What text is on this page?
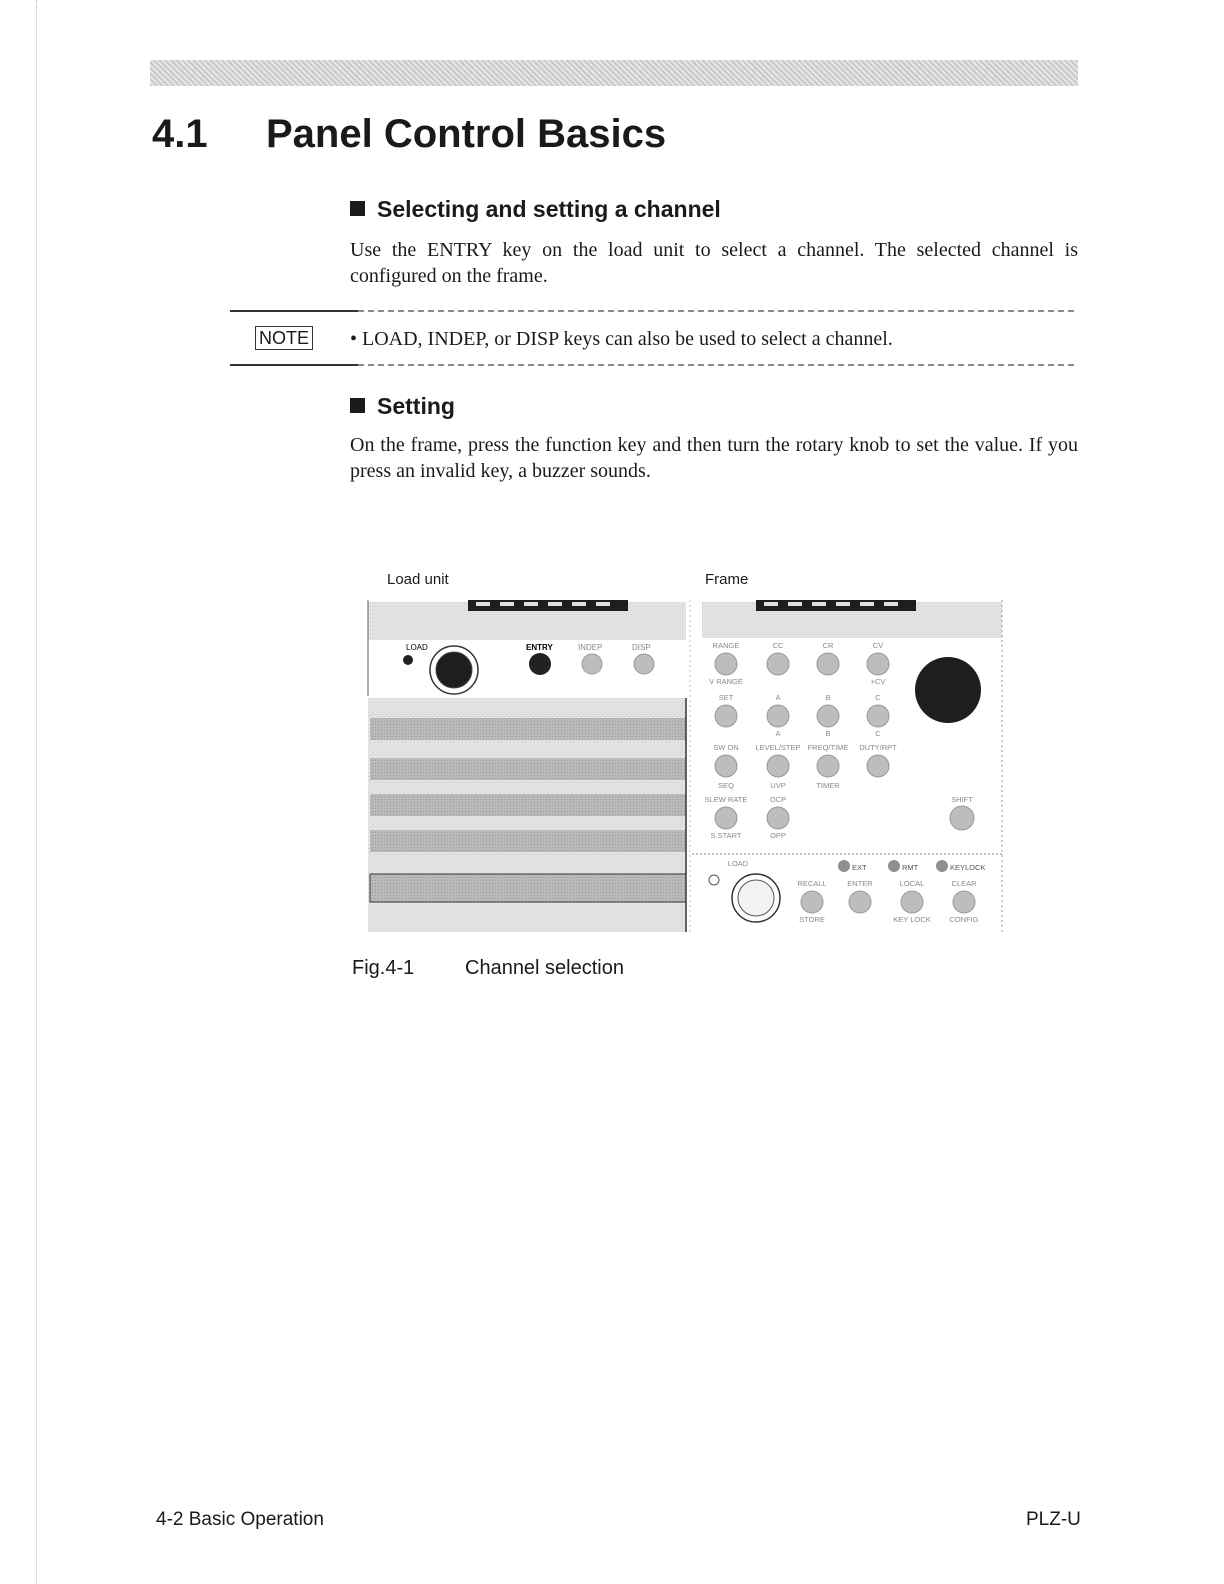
4.1 Panel Control Basics
Selecting and setting a channel
Use the ENTRY key on the load unit to select a channel. The selected channel is configured on the frame.
NOTE • LOAD, INDEP, or DISP keys can also be used to select a channel.
Setting
On the frame, press the function key and then turn the rotary knob to set the value. If you press an invalid key, a buzzer sounds.
Load unit	Frame
LOAD	ENTRY	INDEP	DISP	RANGE	CC	CR	CV
V RANGE	+CV
SET	A	B	C
A	B	C
SW ON LEVEL/STEP FREQ/TIME DUTY/RPT
SEQ	UVP	TIMER
SLEW RATE	OCP
S.START	OPP
SHIFT
LOAD	EXT	RMT	KEYLOCK
RECALL	ENTER	LOCAL	CLEAR
STORE	KEY LOCK CONFIG
Fig.4-1	Channel selection
4-2 Basic Operation	PLZ-U
